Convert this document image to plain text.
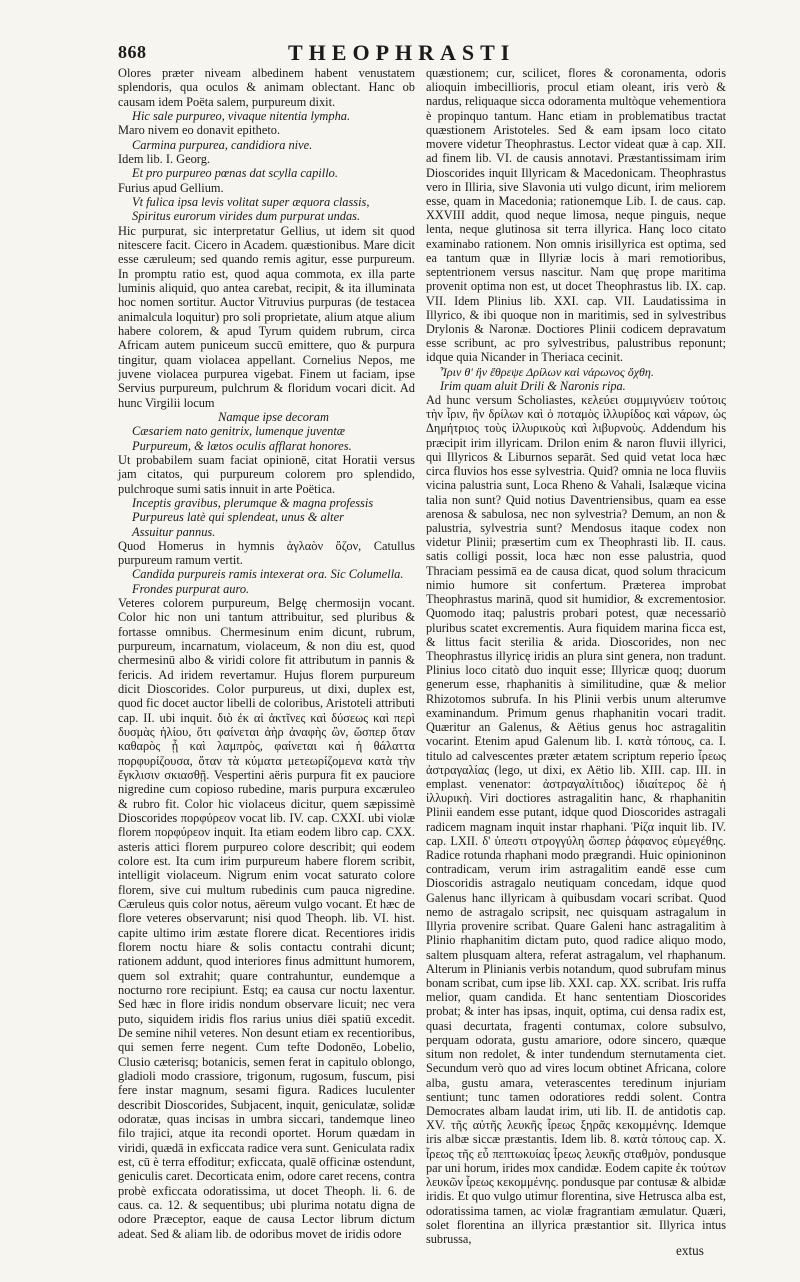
868	THEOPHRASTI

Olores præter niveam albedinem habent venustatem splendoris, qua oculos & animam oblectant. Hanc ob causam idem Poëta salem, purpureum dixit.

Hic sale purpureo, vivaque nitentia lympha.

Maro nivem eo donavit epitheto.

Carmina purpurea, candidiora nive.

Idem lib. I. Georg.

Et pro purpureo pœnas dat scylla capillo.

Furius apud Gellium.

Vt fulica ipsa levis volitat super æquora classis,

Spiritus eurorum virides dum purpurat undas.

Hic purpurat, sic interpretatur Gellius, ut idem sit quod nitescere facit. Cicero in Academ. quæstionibus. Mare dicit esse cæruleum; sed quando remis agitur, esse purpureum. In promptu ratio est, quod aqua commota, ex illa parte luminis aliquid, quo antea carebat, recipit, & ita illuminata hoc nomen sortitur. Auctor Vitruvius purpuras (de testacea animalcula loquitur) pro soli proprietate, alium atque alium habere colorem, & apud Tyrum quidem rubrum, circa Africam autem puniceum succū emittere, quo & purpura tingitur, quam violacea appellant. Cornelius Nepos, me juvene violacea purpurea vigebat. Finem ut faciam, ipse Servius purpureum, pulchrum & floridum vocari dicit. Ad hunc Virgilii locum

Namque ipse decoram

Cæsariem nato genitrix, lumenque juventæ

Purpureum, & lætos oculis afflarat honores.

Ut probabilem suam faciat opinionē, citat Horatii versus jam citatos, qui purpureum colorem pro splendido, pulchroque sumi satis innuit in arte Poëtica.

Inceptis gravibus, plerumque & magna professis

Purpureus latè qui splendeat, unus & alter

Assuitur pannus.

Quod Homerus in hymnis ἀγλαὸν ὄζον, Catullus purpureum ramum vertit.

Candida purpureis ramis intexerat ora. Sic Columella.

Frondes purpurat auro.

Veteres colorem purpureum, Belgę chermosijn vocant. Color hic non uni tantum attribuitur, sed pluribus & fortasse omnibus. Chermesinum enim dicunt, rubrum, purpureum, incarnatum, violaceum, & non diu est, quod chermesinū albo & viridi colore fit attributum in pannis & fericis. Ad iridem revertamur. Hujus florem purpureum dicit Dioscorides. Color purpureus, ut dixi, duplex est, quod fic docet auctor libelli de coloribus, Aristoteli attributi cap. II. ubi inquit. διὸ ἐκ αἱ ἀκτῖνες καὶ δύσεως καὶ περὶ δυσμὰς ἡλίου, ὅτι φαίνεται ἀὴρ ἀναφὴς ὢν, ὥσπερ ὅταν καθαρὸς ᾖ καὶ λαμπρὸς, φαίνεται καὶ ἡ θάλαττα πορφυρίζουσα, ὅταν τὰ κύματα μετεωρίζομενα κατὰ τὴν ἔγκλισιν σκιασθῇ. Vespertini aëris purpura fit ex pauciore nigredine cum copioso rubedine, maris purpura excæruleo & rubro fit. Color hic violaceus dicitur, quem sæpissimè Dioscorides πορφύρεον vocat lib. IV. cap. CXXI. ubi violæ florem πορφύρεον inquit. Ita etiam eodem libro cap. CXX. asteris attici florem purpureo colore describit; qui eodem colore est. Ita cum irim purpureum habere florem scribit, intelligit violaceum. Nigrum enim vocat saturato colore florem, sive cui multum rubedinis cum pauca nigredine. Cæruleus quis color notus, aëreum vulgo vocant. Et hæc de flore veteres observarunt; nisi quod Theoph. lib. VI. hist. capite ultimo irim æstate florere dicat. Recentiores iridis florem noctu hiare & solis contactu contrahi dicunt; rationem addunt, quod interiores finus admittunt humorem, quem sol extrahit; quare contrahuntur, eundemque a nocturno rore recipiunt. Estq; ea causa cur noctu laxentur. Sed hæc in flore iridis nondum observare licuit; nec vera puto, siquidem iridis flos rarius unius diēi spatiū excedit. De semine nihil veteres. Non desunt etiam ex recentioribus, qui semen ferre negent. Cum tefte Dodonēo, Lobelio, Clusio cæterisq; botanicis, semen ferat in capitulo oblongo, gladioli modo crassiore, trigonum, rugosum, fuscum, pisi fere instar magnum, sesami figura. Radices luculenter describit Dioscorides, Subjacent, inquit, geniculatæ, solidæ odoratæ, quas incisas in umbra siccari, tandemque lineo filo trajici, atque ita recondi oportet. Horum quædam in viridi, quædā in exficcata radice vera sunt. Geniculata radix est, cū è terra effoditur; exficcata, qualē officinæ ostendunt, geniculis caret. Decorticata enim, odore caret recens, contra probè exficcata odoratissima, ut docet Theoph. li. 6. de caus. ca. 12. & sequentibus; ubi plurima notatu digna de odore Præceptor, eaque de causa Lector librum dictum adeat. Sed & aliam lib. de odoribus movet de iridis odore

quæstionem; cur, scilicet, flores & coronamenta, odoris alioquin imbecillioris, procul etiam oleant, iris verò & nardus, reliquaque sicca odoramenta multòque vehementiora è propinquo tantum. Hanc etiam in problematibus tractat quæstionem Aristoteles. Sed & eam ipsam loco citato movere videtur Theophrastus. Lector videat quæ à cap. XII. ad finem lib. VI. de causis annotavi. Præstantissimam irim Dioscorides inquit Illyricam & Macedonicam. Theophrastus vero in Illiria, sive Slavonia uti vulgo dicunt, irim meliorem esse, quam in Macedonia; rationemque Lib. I. de caus. cap. XXVIII addit, quod neque limosa, neque pinguis, neque lenta, neque glutinosa sit terra illyrica. Hanç loco citato examinabo rationem. Non omnis irisillyrica est optima, sed ea tantum quæ in Illyriæ locis à mari remotioribus, septentrionem versus nascitur. Nam quę prope maritima provenit optima non est, ut docet Theophrastus lib. IX. cap. VII. Idem Plinius lib. XXI. cap. VII. Laudatissima in Illyrico, & ibi quoque non in maritimis, sed in sylvestribus Drylonis & Naronæ. Doctiores Plinii codicem depravatum esse scribunt, ac pro sylvestribus, palustribus reponunt; idque quia Nicander in Theriaca cecinit.

Ἶριν θ' ἣν ἔθρεψε Δρίλων καὶ νάρωνος ὄχθη.

Irim quam aluit Drili & Naronis ripa.

Ad hunc versum Scholiastes, κελεύει συμμιγνύειν τούτοις τὴν ἶριν, ἣν δρίλων καὶ ὁ ποταμὸς ἰλλυρίδος καὶ νάρων, ὡς Δημήτριος τοὺς ἰλλυρικοὺς καὶ λιβυρνοὺς. Addendum his præcipit irim illyricam. Drilon enim & naron fluvii illyrici, qui Illyricos & Liburnos separāt. Sed quid vetat loca hæc circa fluvios hos esse sylvestria. Quid? omnia ne loca fluviis vicina palustria sunt, Loca Rheno & Vahali, Isalæque vicina talia non sunt? Quid notius Daventriensibus, quam ea esse arenosa & sabulosa, nec non sylvestria? Demum, an non & palustria, sylvestria sunt? Mendosus itaque codex non videtur Plinii; præsertim cum ex Theophrasti lib. II. caus. satis colligi possit, loca hæc non esse palustria, quod Thraciam pessimā ea de causa dicat, quod solum thracicum nimio humore sit confertum. Præterea improbat Theophrastus marinā, quod sit humidior, & excrementosior. Quomodo itaq; palustris probari potest, quæ necessariò pluribus scatet excrementis. Aura fiquidem marina ficca est, & littus facit sterilia & arida. Dioscorides, non nec Theophrastus illyricę iridis an plura sint genera, non tradunt. Plinius loco citatò duo inquit esse; Illyricæ quoq; duorum generum esse, rhaphanitis à similitudine, quæ & melior Rhizotomos subrufa. In his Plinii verbis unum alterumve examinandum. Primum genus rhaphanitin vocari tradit. Quæritur an Galenus, & Aëtius genus hoc astragalitin vocarint. Etenim apud Galenum lib. I. κατὰ τόπους, ca. I. titulo ad calvescentes præter ætatem scriptum reperio ἶρεως ἀστραγαλίας (lego, ut dixi, ex Aëtio lib. XIII. cap. III. in emplast. venenator: ἀστραγαλίτιδος) ἰδιαίτερος δὲ ἡ ἰλλυρικὴ. Viri doctiores astragalitin hanc, & rhaphanitin Plinii eandem esse putant, idque quod Dioscorides astragali radicem magnam inquit instar rhaphani. Ῥίζα inquit lib. IV. cap. LXII. δ' ὑπεστι στρογγύλη ὥσπερ ῥάφανος εὐμεγέθης. Radice rotunda rhaphani modo prægrandi. Huic opinioninon contradicam, verum irim astragalitim eandē esse cum Dioscoridis astragalo neutiquam concedam, idque quod Galenus hanc illyricam à quibusdam vocari scribat. Quod nemo de astragalo scripsit, nec quisquam astragalum in Illyria provenire scribat. Quare Galeni hanc astragalitim à Plinio rhaphanitim dictam puto, quod radice aliquo modo, saltem plusquam altera, referat astragalum, vel rhaphanum. Alterum in Plinianis verbis notandum, quod subrufam minus bonam scribat, cum ipse lib. XXI. cap. XX. scribat. Iris ruffa melior, quam candida. Et hanc sententiam Dioscorides probat; & inter has ipsas, inquit, optima, cui densa radix est, quasi decurtata, fragenti contumax, colore subsulvo, perquam odorata, gustu amariore, odore sincero, quæque situm non redolet, & inter tundendum sternutamenta ciet. Secundum verò quo ad vires locum obtinet Africana, colore alba, gustu amara, veterascentes teredinum injuriam sentiunt; tunc tamen odoratiores reddi solent. Contra Democrates albam laudat irim, uti lib. II. de antidotis cap. XV. τῆς αὐτῆς λευκῆς ἶρεως ξηρᾶς κεκομμένης. Idemque iris albæ siccæ præstantis. Idem lib. 8. κατὰ τόπους cap. X. ἶρεως τῆς εὖ πεπτωκυίας ἶρεως λευκῆς σταθμὸν, pondusque par uni horum, irides mox candidæ. Eodem capite ἐκ τούτων λευκῶν ἶρεως κεκομμένης. pondusque par contusæ & albidæ iridis. Et quo vulgo utimur florentina, sive Hetrusca alba est, odoratissima tamen, ac violæ fragrantiam æmulatur. Quæri, solet florentina an illyrica præstantior sit. Illyrica intus subrussa,

extus
